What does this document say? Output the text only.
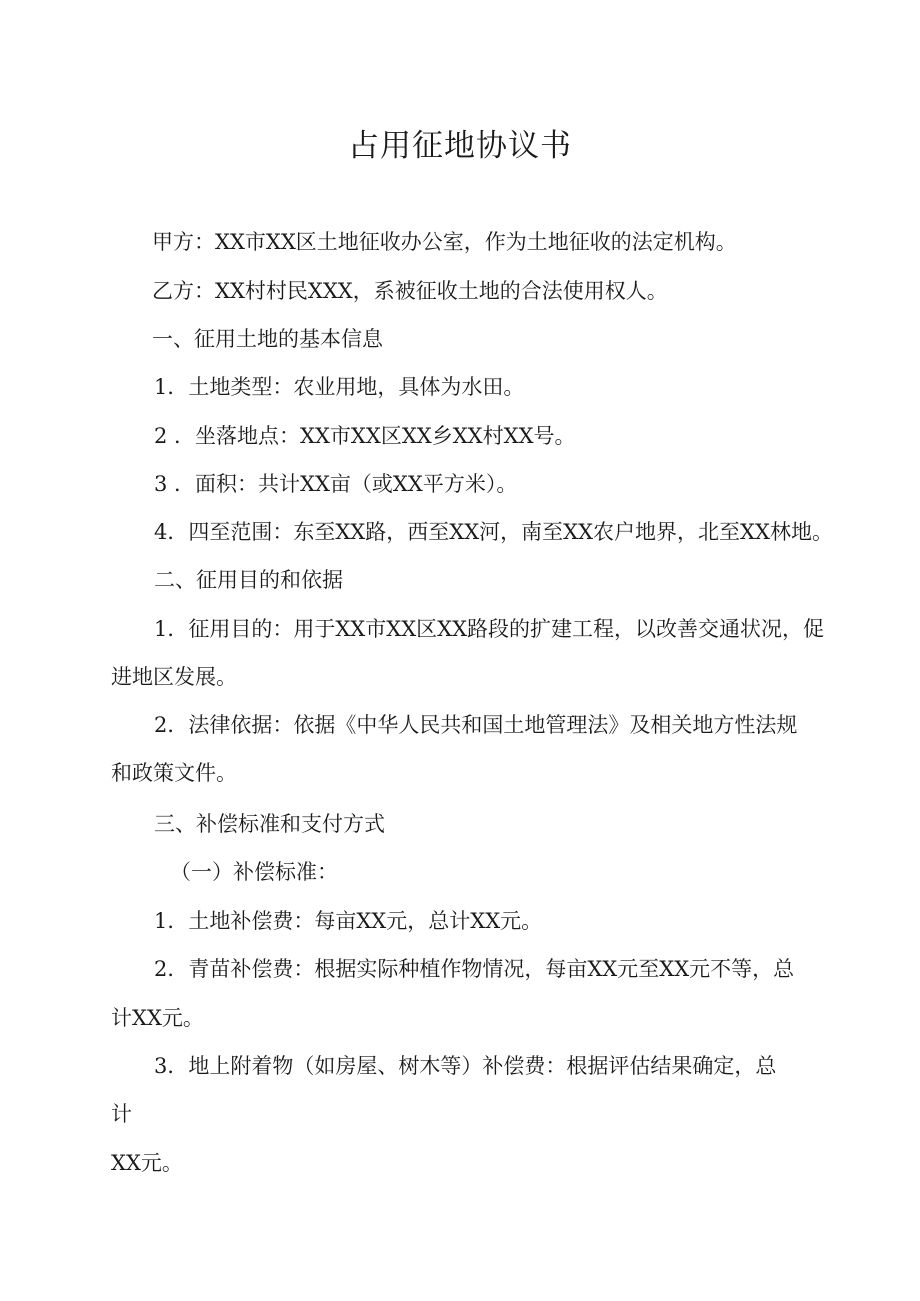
占用征地协议书
甲方：XX市XX区土地征收办公室，作为土地征收的法定机构。
乙方：XX村村民XXX，系被征收土地的合法使用权人。
一、征用土地的基本信息
1．土地类型：农业用地，具体为水田。
2 ．坐落地点：XX市XX区XX乡XX村XX号。
3 ．面积：共计XX亩（或XX平方米）。
4．四至范围：东至XX路，西至XX河，南至XX农户地界，北至XX林地。
二、征用目的和依据
1．征用目的：用于XX市XX区XX路段的扩建工程，以改善交通状况，促
进地区发展。
2．法律依据：依据《中华人民共和国土地管理法》及相关地方性法规
和政策文件。
三、补偿标准和支付方式
（一）补偿标准：
1．土地补偿费：每亩XX元，总计XX元。
2．青苗补偿费：根据实际种植作物情况，每亩XX元至XX元不等，总
计XX元。
3．地上附着物（如房屋、树木等）补偿费：根据评估结果确定，总
计
XX元。
